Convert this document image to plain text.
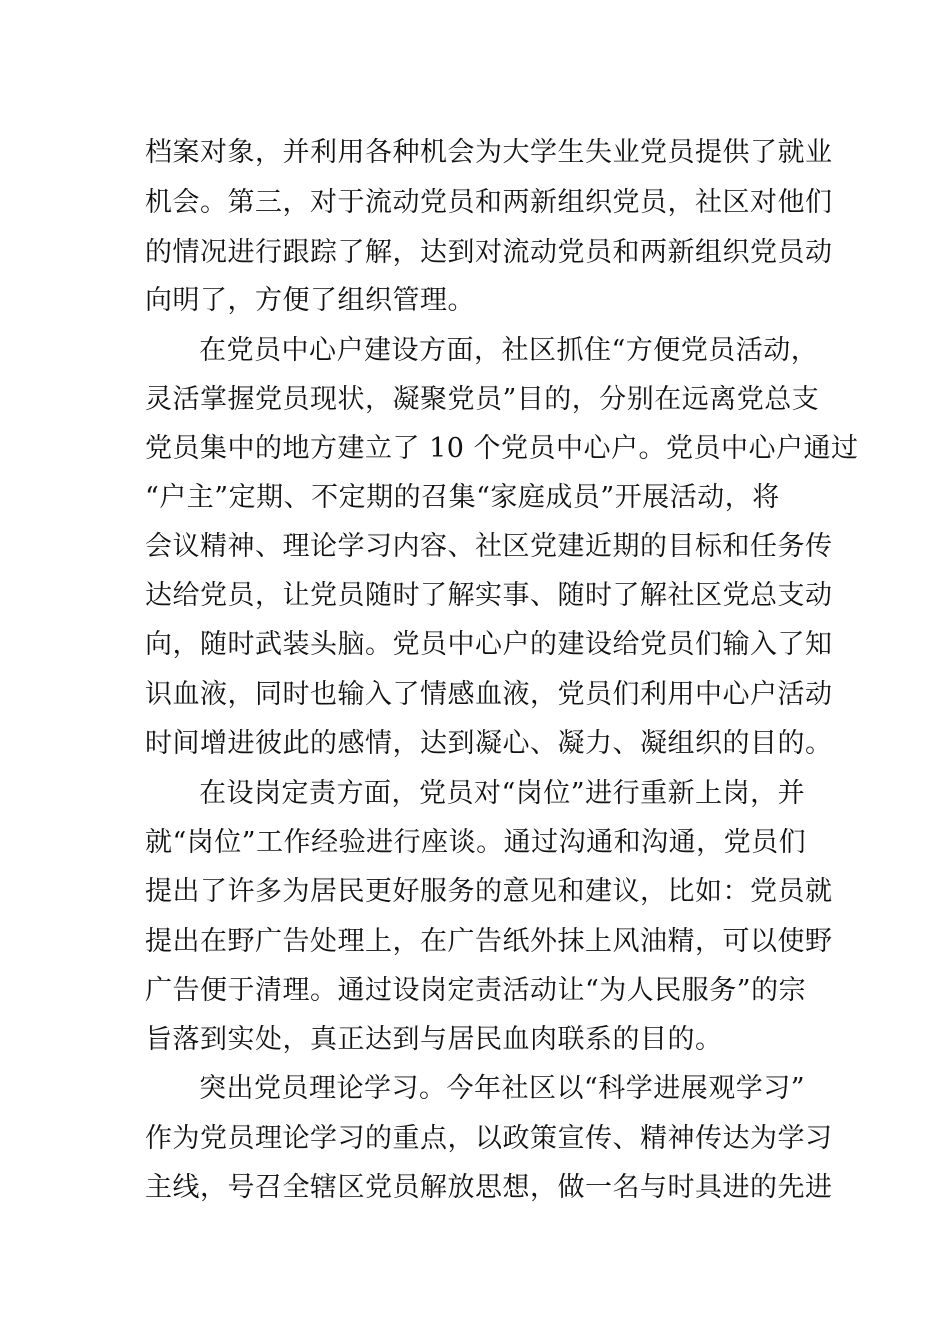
档案对象，并利用各种机会为大学生失业党员提供了就业
机会。第三，对于流动党员和两新组织党员，社区对他们
的情况进行跟踪了解，达到对流动党员和两新组织党员动
向明了，方便了组织管理。
在党员中心户建设方面，社区抓住“方便党员活动，
灵活掌握党员现状，凝聚党员”目的，分别在远离党总支
党员集中的地方建立了 10 个党员中心户。党员中心户通过
“户主”定期、不定期的召集“家庭成员”开展活动，将
会议精神、理论学习内容、社区党建近期的目标和任务传
达给党员，让党员随时了解实事、随时了解社区党总支动
向，随时武装头脑。党员中心户的建设给党员们输入了知
识血液，同时也输入了情感血液，党员们利用中心户活动
时间增进彼此的感情，达到凝心、凝力、凝组织的目的。
在设岗定责方面，党员对“岗位”进行重新上岗，并
就“岗位”工作经验进行座谈。通过沟通和沟通，党员们
提出了许多为居民更好服务的意见和建议，比如：党员就
提出在野广告处理上，在广告纸外抹上风油精，可以使野
广告便于清理。通过设岗定责活动让“为人民服务”的宗
旨落到实处，真正达到与居民血肉联系的目的。
突出党员理论学习。今年社区以“科学进展观学习”
作为党员理论学习的重点，以政策宣传、精神传达为学习
主线，号召全辖区党员解放思想，做一名与时具进的先进
